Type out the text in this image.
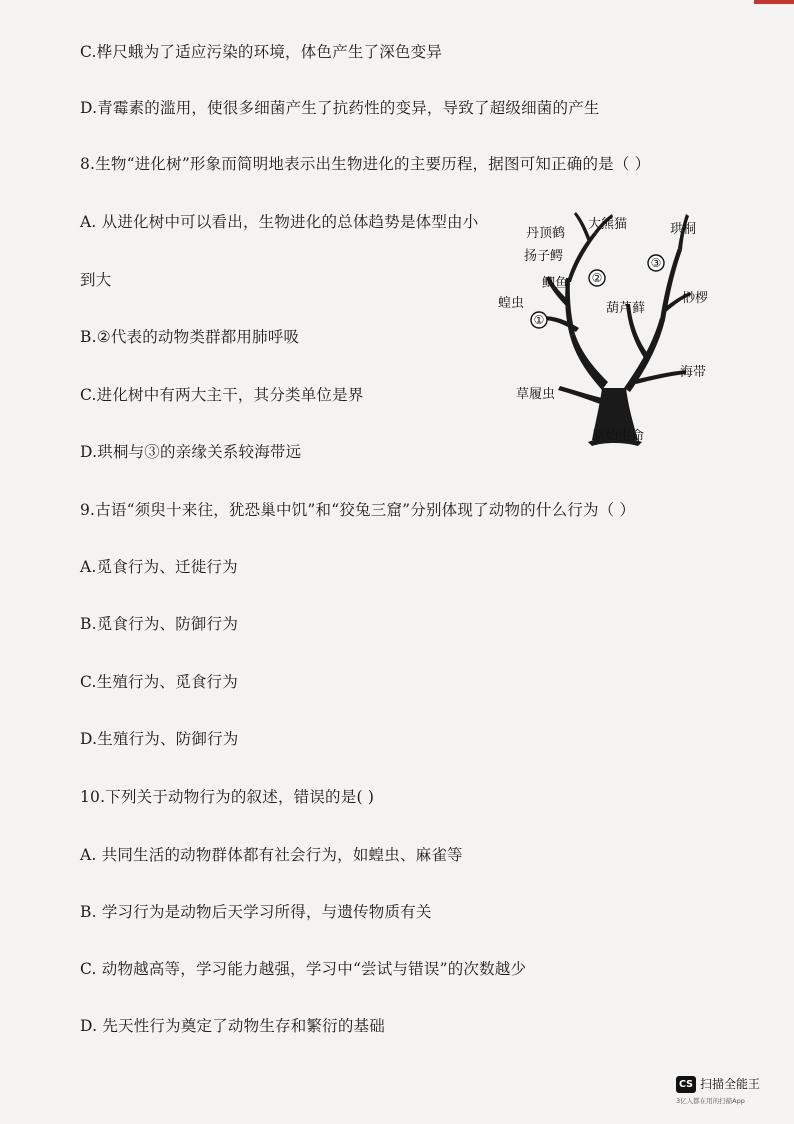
C.桦尺蛾为了适应污染的环境，体色产生了深色变异
D.青霉素的滥用，使很多细菌产生了抗药性的变异，导致了超级细菌的产生
8.生物“进化树”形象而简明地表示出生物进化的主要历程，据图可知正确的是（ ）
A. 从进化树中可以看出，生物进化的总体趋势是体型由小
到大
B.②代表的动物类群都用肺呼吸
C.进化树中有两大主干，其分类单位是界
D.珙桐与③的亲缘关系较海带远
9.古语“须臾十来往，犹恐巢中饥”和“狡兔三窟”分别体现了动物的什么行为（ ）
A.觅食行为、迁徙行为
B.觅食行为、防御行为
C.生殖行为、觅食行为
D.生殖行为、防御行为
10.下列关于动物行为的叙述，错误的是( )
A. 共同生活的动物群体都有社会行为，如蝗虫、麻雀等
B. 学习行为是动物后天学习所得，与遗传物质有关
C. 动物越高等，学习能力越强，学习中“尝试与错误”的次数越少
D. 先天性行为奠定了动物生存和繁衍的基础
①
②
③
丹顶鹤
大熊猫	珙桐
扬子鳄
鲫鱼
蝗虫	葫芦藓
桫椤
海带
草履虫
原始生命
CS 扫描全能王
3亿人都在用的扫描App
